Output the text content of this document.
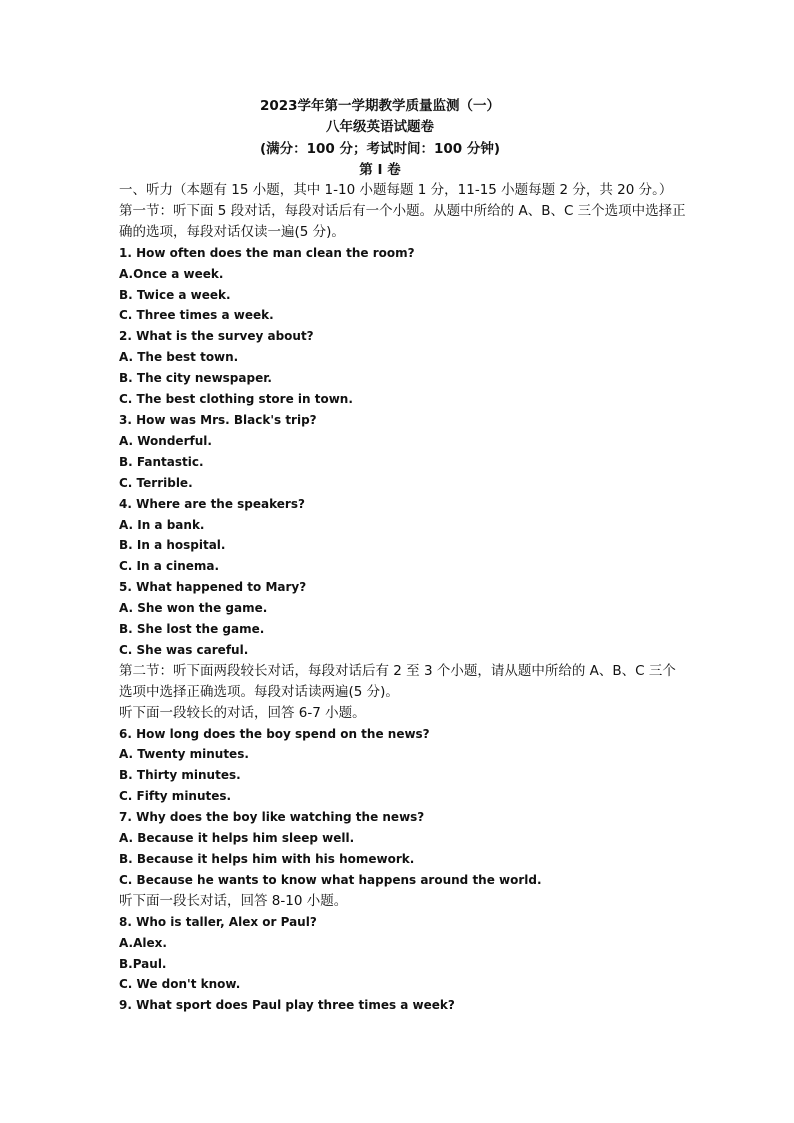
2023学年第一学期教学质量监测（一）
八年级英语试题卷
(满分：100 分；考试时间：100 分钟)
第 I 卷
一、听力（本题有 15 小题，其中 1-10 小题每题 1 分，11-15 小题每题 2 分，共 20 分。）
第一节：听下面 5 段对话，每段对话后有一个小题。从题中所给的 A、B、C 三个选项中选择正确的选项，每段对话仅读一遍(5 分)。
1. How often does the man clean the room?
A.Once a week.
B. Twice a week.
C. Three times a week.
2. What is the survey about?
A. The best town.
B. The city newspaper.
C. The best clothing store in town.
3. How was Mrs. Black's trip?
A. Wonderful.
B. Fantastic.
C. Terrible.
4. Where are the speakers?
A. In a bank.
B. In a hospital.
C. In a cinema.
5. What happened to Mary?
A. She won the game.
B. She lost the game.
C. She was careful.
第二节：听下面两段较长对话，每段对话后有 2 至 3 个小题，请从题中所给的 A、B、C 三个选项中选择正确选项。每段对话读两遍(5 分)。
听下面一段较长的对话，回答 6-7 小题。
6. How long does the boy spend on the news?
A. Twenty minutes.
B. Thirty minutes.
C. Fifty minutes.
7. Why does the boy like watching the news?
A. Because it helps him sleep well.
B. Because it helps him with his homework.
C. Because he wants to know what happens around the world.
听下面一段长对话，回答 8-10 小题。
8. Who is taller, Alex or Paul?
A.Alex.
B.Paul.
C. We don't know.
9. What sport does Paul play three times a week?
